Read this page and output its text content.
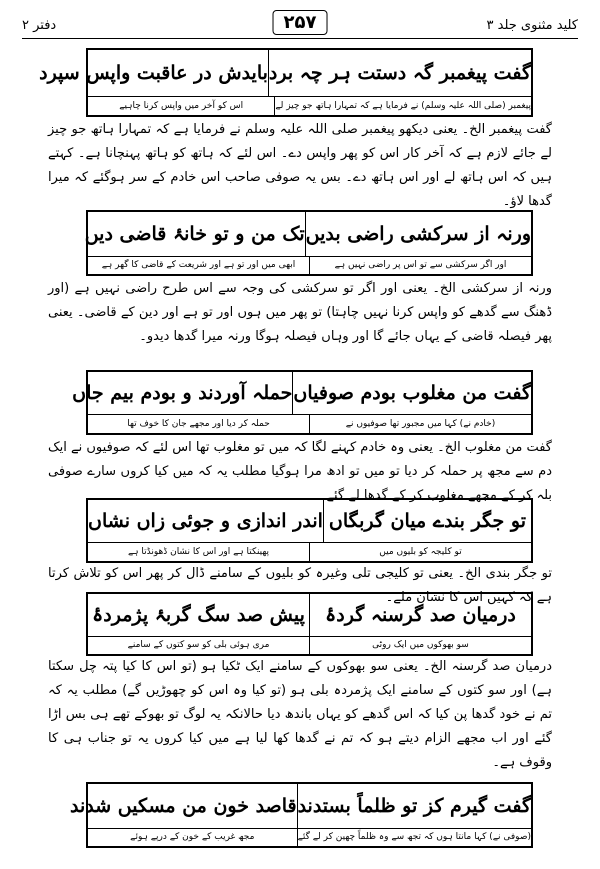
کلید مثنوی جلد ۳
۲۵۷
دفتر ۲
گفت پیغمبر گہ دستت ہر چہ برد
بایدش در عاقبت واپس سپرد
پیغمبر (صلی اللہ علیہ وسلم) نے فرمایا ہے کہ تمہارا ہاتھ جو چیز لے
اس کو آخر میں واپس کرنا چاہیے
گفت پیغمبر الخ۔ یعنی دیکھو پیغمبر صلی اللہ علیہ وسلم نے فرمایا ہے کہ تمہارا ہاتھ جو چیز لے جائے لازم ہے کہ آخر کار اس کو پھر واپس دے۔ اس لئے کہ ہاتھ کو ہاتھ پہنچانا ہے۔ کہتے ہیں کہ اس ہاتھ لے اور اس ہاتھ دے۔ بس یہ صوفی صاحب اس خادم کے سر ہوگئے کہ میرا گدھا لاؤ۔
ورنہ از سرکشی راضی بدیں
تک من و تو خانۂ قاضی دیں
اور اگر سرکشی سے تو اس پر راضی نہیں ہے
ابھی میں اور تو ہے اور شریعت کے قاضی کا گھر ہے
ورنہ از سرکشی الخ۔ یعنی اور اگر تو سرکشی کی وجہ سے اس طرح راضی نہیں ہے (اور ڈھنگ سے گدھے کو واپس کرنا نہیں چاہتا) تو پھر میں ہوں اور تو ہے اور دین کے قاضی۔ یعنی پھر فیصلہ قاضی کے یہاں جائے گا اور وہاں فیصلہ ہوگا ورنہ میرا گدھا دیدو۔
گفت من مغلوب بودم صوفیاں
حملہ آوردند و بودم بیم جاں
(خادم نے) کہا میں مجبور تھا صوفیوں نے
حملہ کر دیا اور مجھے جان کا خوف تھا
گفت من مغلوب الخ۔ یعنی وہ خادم کہنے لگا کہ میں تو مغلوب تھا اس لئے کہ صوفیوں نے ایک دم سے مجھ پر حملہ کر دیا تو میں تو ادھ مرا ہوگیا مطلب یہ کہ میں کیا کروں سارے صوفی بلہ کر کے مجھے مغلوب کر کے گدھا لے گئے۔
تو جگر بندے میان گربگاں
اندر اندازی و جوئی زاں نشاں
تو کلیجہ کو بلیوں میں
پھینکتا ہے اور اس کا نشان ڈھونڈتا ہے
تو جگر بندی الخ۔ یعنی تو کلیجی تلی وغیرہ کو بلیوں کے سامنے ڈال کر پھر اس کو تلاش کرتا ہے کہ کہیں اس کا نشان ملے۔
درمیان صد گرسنہ گردۂ
پیش صد سگ گربۂ پژمردۂ
سو بھوکوں میں ایک روٹی
مری ہوئی بلی کو سو کتوں کے سامنے
درمیان صد گرسنہ الخ۔ یعنی سو بھوکوں کے سامنے ایک ٹکیا ہو (تو اس کا کیا پتہ چل سکتا ہے) اور سو کتوں کے سامنے ایک پژمردہ بلی ہو (تو کیا وہ اس کو چھوڑیں گے) مطلب یہ کہ تم نے خود گدھا پن کیا کہ اس گدھے کو یہاں باندھ دیا حالانکہ یہ لوگ تو بھوکے تھے ہی بس اڑا گئے اور اب مجھے الزام دیتے ہو کہ تم نے گدھا کھا لیا ہے میں کیا کروں یہ تو جناب ہی کا وقوف ہے۔
گفت گیرم کز تو ظلماً بستدند
قاصد خون من مسکیں شدند
(صوفی نے) کہا مانتا ہوں کہ تجھ سے وہ ظلماً چھین کر لے گئے
مجھ غریب کے خون کے درپے ہوئے
